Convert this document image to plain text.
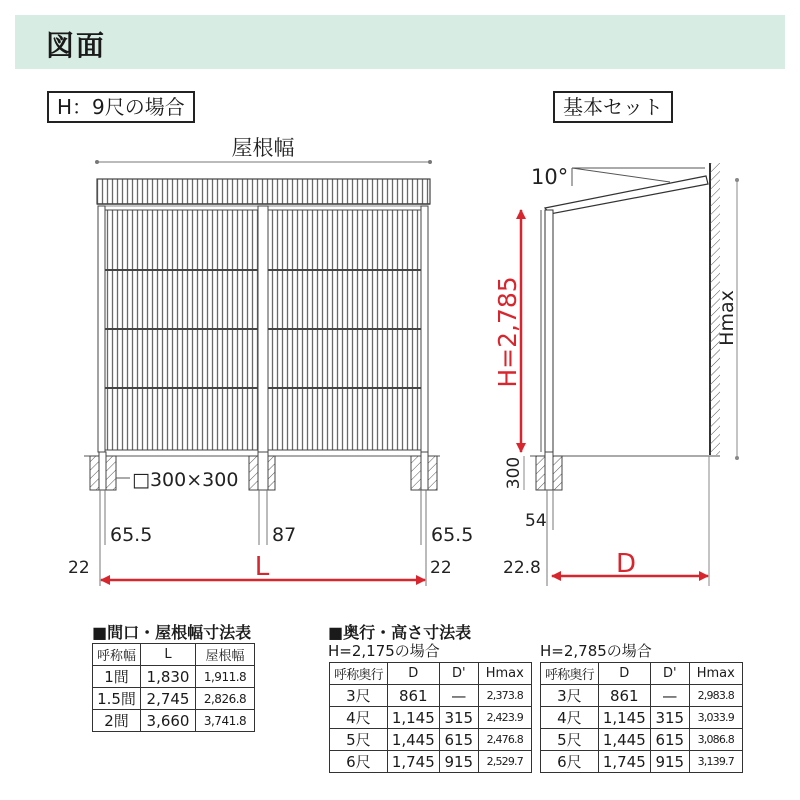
図面
H：9尺の場合	基本セット
屋根幅
□300×300
65.5	87	65.5
22	22
L
10°
Hmax
H=2,785
300
54
22.8	D
■間口・屋根幅寸法表
呼称幅	L	屋根幅
1間	1,830	1,911.8
1.5間	2,745	2,826.8
2間	3,660	3,741.8
■奥行・高さ寸法表
H=2,175の場合
呼称奥行	D	D'	Hmax
3尺	861	—	2,373.8
4尺	1,145	315	2,423.9
5尺	1,445	615	2,476.8
6尺	1,745	915	2,529.7
H=2,785の場合
呼称奥行	D	D'	Hmax
3尺	861	—	2,983.8
4尺	1,145	315	3,033.9
5尺	1,445	615	3,086.8
6尺	1,745	915	3,139.7
